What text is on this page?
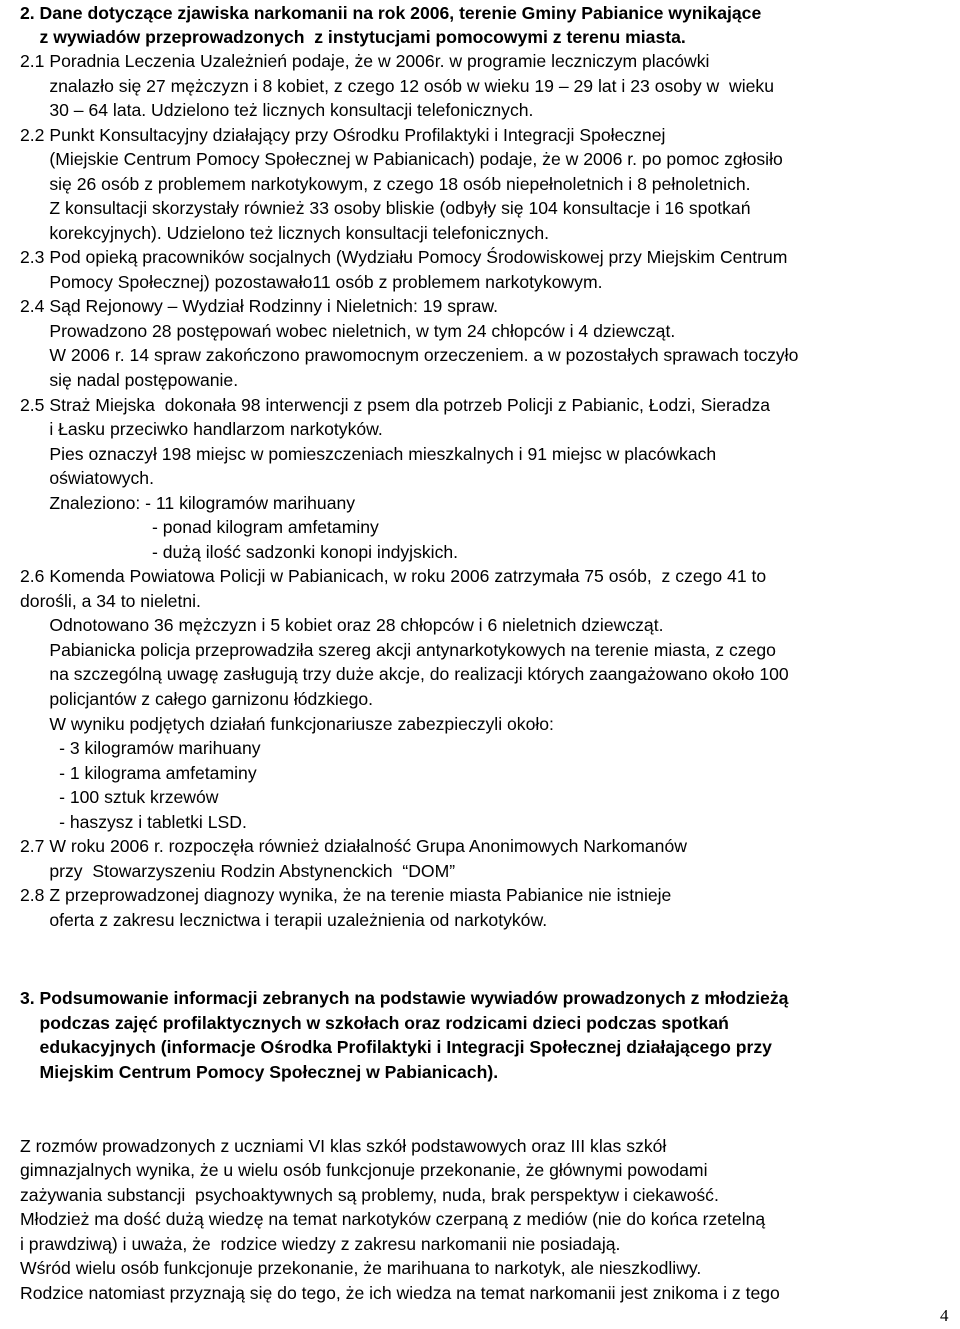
2. Dane dotyczące zjawiska narkomanii na rok 2006, terenie Gminy Pabianice wynikające
z wywiadów przeprowadzonych  z instytucjami pomocowymi z terenu miasta.
2.1 Poradnia Leczenia Uzależnień podaje, że w 2006r. w programie leczniczym placówki
znalazło się 27 mężczyzn i 8 kobiet, z czego 12 osób w wieku 19 – 29 lat i 23 osoby w  wieku
30 – 64 lata. Udzielono też licznych konsultacji telefonicznych.
2.2 Punkt Konsultacyjny działający przy Ośrodku Profilaktyki i Integracji Społecznej
(Miejskie Centrum Pomocy Społecznej w Pabianicach) podaje, że w 2006 r. po pomoc zgłosiło
się 26 osób z problemem narkotykowym, z czego 18 osób niepełnoletnich i 8 pełnoletnich.
Z konsultacji skorzystały również 33 osoby bliskie (odbyły się 104 konsultacje i 16 spotkań
korekcyjnych). Udzielono też licznych konsultacji telefonicznych.
2.3 Pod opieką pracowników socjalnych (Wydziału Pomocy Środowiskowej przy Miejskim Centrum
Pomocy Społecznej) pozostawało11 osób z problemem narkotykowym.
2.4 Sąd Rejonowy – Wydział Rodzinny i Nieletnich: 19 spraw.
Prowadzono 28 postępowań wobec nieletnich, w tym 24 chłopców i 4 dziewcząt.
W 2006 r. 14 spraw zakończono prawomocnym orzeczeniem. a w pozostałych sprawach toczyło
się nadal postępowanie.
2.5 Straż Miejska  dokonała 98 interwencji z psem dla potrzeb Policji z Pabianic, Łodzi, Sieradza
i Łasku przeciwko handlarzom narkotyków.
Pies oznaczył 198 miejsc w pomieszczeniach mieszkalnych i 91 miejsc w placówkach
oświatowych.
Znaleziono: - 11 kilogramów marihuany
- ponad kilogram amfetaminy
- dużą ilość sadzonki konopi indyjskich.
2.6 Komenda Powiatowa Policji w Pabianicach, w roku 2006 zatrzymała 75 osób,  z czego 41 to
dorośli, a 34 to nieletni.
Odnotowano 36 mężczyzn i 5 kobiet oraz 28 chłopców i 6 nieletnich dziewcząt.
Pabianicka policja przeprowadziła szereg akcji antynarkotykowych na terenie miasta, z czego
na szczególną uwagę zasługują trzy duże akcje, do realizacji których zaangażowano około 100
policjantów z całego garnizonu łódzkiego.
W wyniku podjętych działań funkcjonariusze zabezpieczyli około:
- 3 kilogramów marihuany
- 1 kilograma amfetaminy
- 100 sztuk krzewów
- haszysz i tabletki LSD.
2.7 W roku 2006 r. rozpoczęła również działalność Grupa Anonimowych Narkomanów
przy  Stowarzyszeniu Rodzin Abstynenckich  “DOM”
2.8 Z przeprowadzonej diagnozy wynika, że na terenie miasta Pabianice nie istnieje
oferta z zakresu lecznictwa i terapii uzależnienia od narkotyków.
3. Podsumowanie informacji zebranych na podstawie wywiadów prowadzonych z młodzieżą
podczas zajęć profilaktycznych w szkołach oraz rodzicami dzieci podczas spotkań
edukacyjnych (informacje Ośrodka Profilaktyki i Integracji Społecznej działającego przy
Miejskim Centrum Pomocy Społecznej w Pabianicach).
Z rozmów prowadzonych z uczniami VI klas szkół podstawowych oraz III klas szkół
gimnazjalnych wynika, że u wielu osób funkcjonuje przekonanie, że głównymi powodami
zażywania substancji  psychoaktywnych są problemy, nuda, brak perspektyw i ciekawość.
Młodzież ma dość dużą wiedzę na temat narkotyków czerpaną z mediów (nie do końca rzetelną
i prawdziwą) i uważa, że  rodzice wiedzy z zakresu narkomanii nie posiadają.
Wśród wielu osób funkcjonuje przekonanie, że marihuana to narkotyk, ale nieszkodliwy.
Rodzice natomiast przyznają się do tego, że ich wiedza na temat narkomanii jest znikoma i z tego
4
